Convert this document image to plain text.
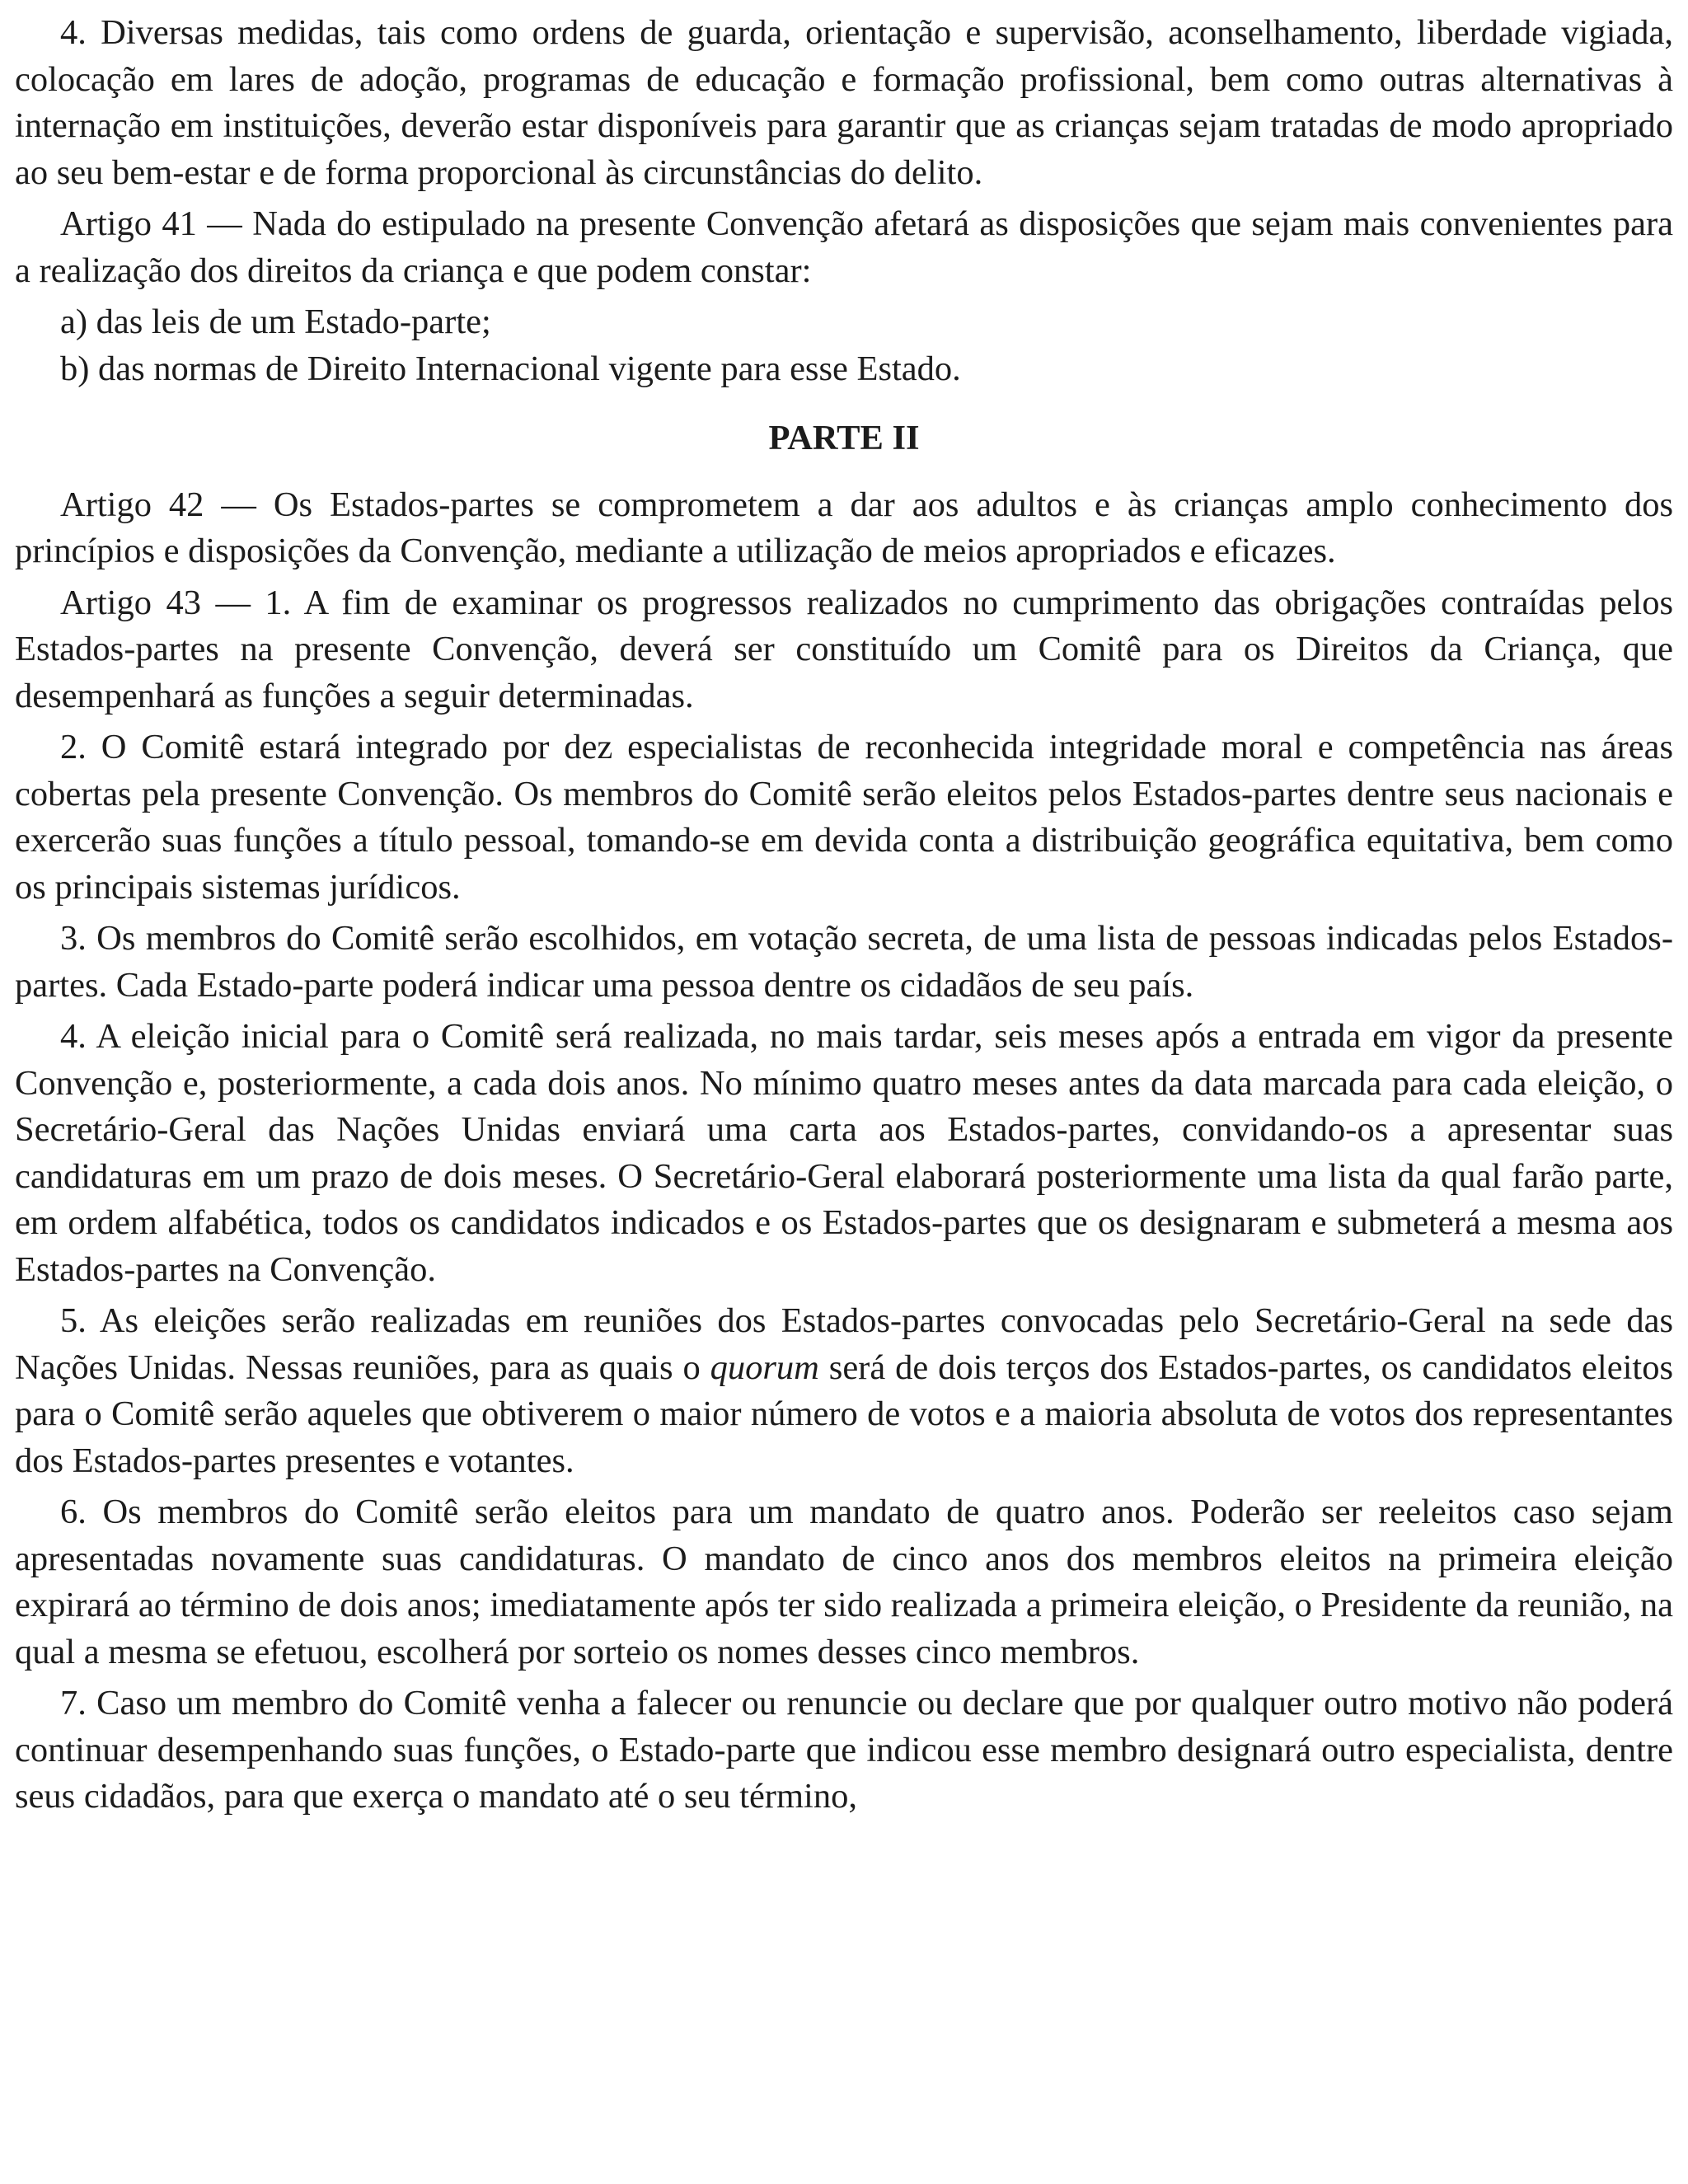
4. Diversas medidas, tais como ordens de guarda, orientação e supervisão, aconselhamento, liberdade vigiada, colocação em lares de adoção, programas de educação e formação profissional, bem como outras alternativas à internação em instituições, deverão estar disponíveis para garantir que as crianças sejam tratadas de modo apropriado ao seu bem-estar e de forma proporcional às circunstâncias do delito.

Artigo 41 — Nada do estipulado na presente Convenção afetará as disposições que sejam mais convenientes para a realização dos direitos da criança e que podem constar:

a) das leis de um Estado-parte;

b) das normas de Direito Internacional vigente para esse Estado.

PARTE II

Artigo 42 — Os Estados-partes se comprometem a dar aos adultos e às crianças amplo conhecimento dos princípios e disposições da Convenção, mediante a utilização de meios apropriados e eficazes.

Artigo 43 — 1. A fim de examinar os progressos realizados no cumprimento das obrigações contraídas pelos Estados-partes na presente Convenção, deverá ser constituído um Comitê para os Direitos da Criança, que desempenhará as funções a seguir determinadas.

2. O Comitê estará integrado por dez especialistas de reconhecida integridade moral e competência nas áreas cobertas pela presente Convenção. Os membros do Comitê serão eleitos pelos Estados-partes dentre seus nacionais e exercerão suas funções a título pessoal, tomando-se em devida conta a distribuição geográfica equitativa, bem como os principais sistemas jurídicos.

3. Os membros do Comitê serão escolhidos, em votação secreta, de uma lista de pessoas indicadas pelos Estados-partes. Cada Estado-parte poderá indicar uma pessoa dentre os cidadãos de seu país.

4. A eleição inicial para o Comitê será realizada, no mais tardar, seis meses após a entrada em vigor da presente Convenção e, posteriormente, a cada dois anos. No mínimo quatro meses antes da data marcada para cada eleição, o Secretário-Geral das Nações Unidas enviará uma carta aos Estados-partes, convidando-os a apresentar suas candidaturas em um prazo de dois meses. O Secretário-Geral elaborará posteriormente uma lista da qual farão parte, em ordem alfabética, todos os candidatos indicados e os Estados-partes que os designaram e submeterá a mesma aos Estados-partes na Convenção.

5. As eleições serão realizadas em reuniões dos Estados-partes convocadas pelo Secretário-Geral na sede das Nações Unidas. Nessas reuniões, para as quais o quorum será de dois terços dos Estados-partes, os candidatos eleitos para o Comitê serão aqueles que obtiverem o maior número de votos e a maioria absoluta de votos dos representantes dos Estados-partes presentes e votantes.

6. Os membros do Comitê serão eleitos para um mandato de quatro anos. Poderão ser reeleitos caso sejam apresentadas novamente suas candidaturas. O mandato de cinco anos dos membros eleitos na primeira eleição expirará ao término de dois anos; imediatamente após ter sido realizada a primeira eleição, o Presidente da reunião, na qual a mesma se efetuou, escolherá por sorteio os nomes desses cinco membros.

7. Caso um membro do Comitê venha a falecer ou renuncie ou declare que por qualquer outro motivo não poderá continuar desempenhando suas funções, o Estado-parte que indicou esse membro designará outro especialista, dentre seus cidadãos, para que exerça o mandato até o seu término,
